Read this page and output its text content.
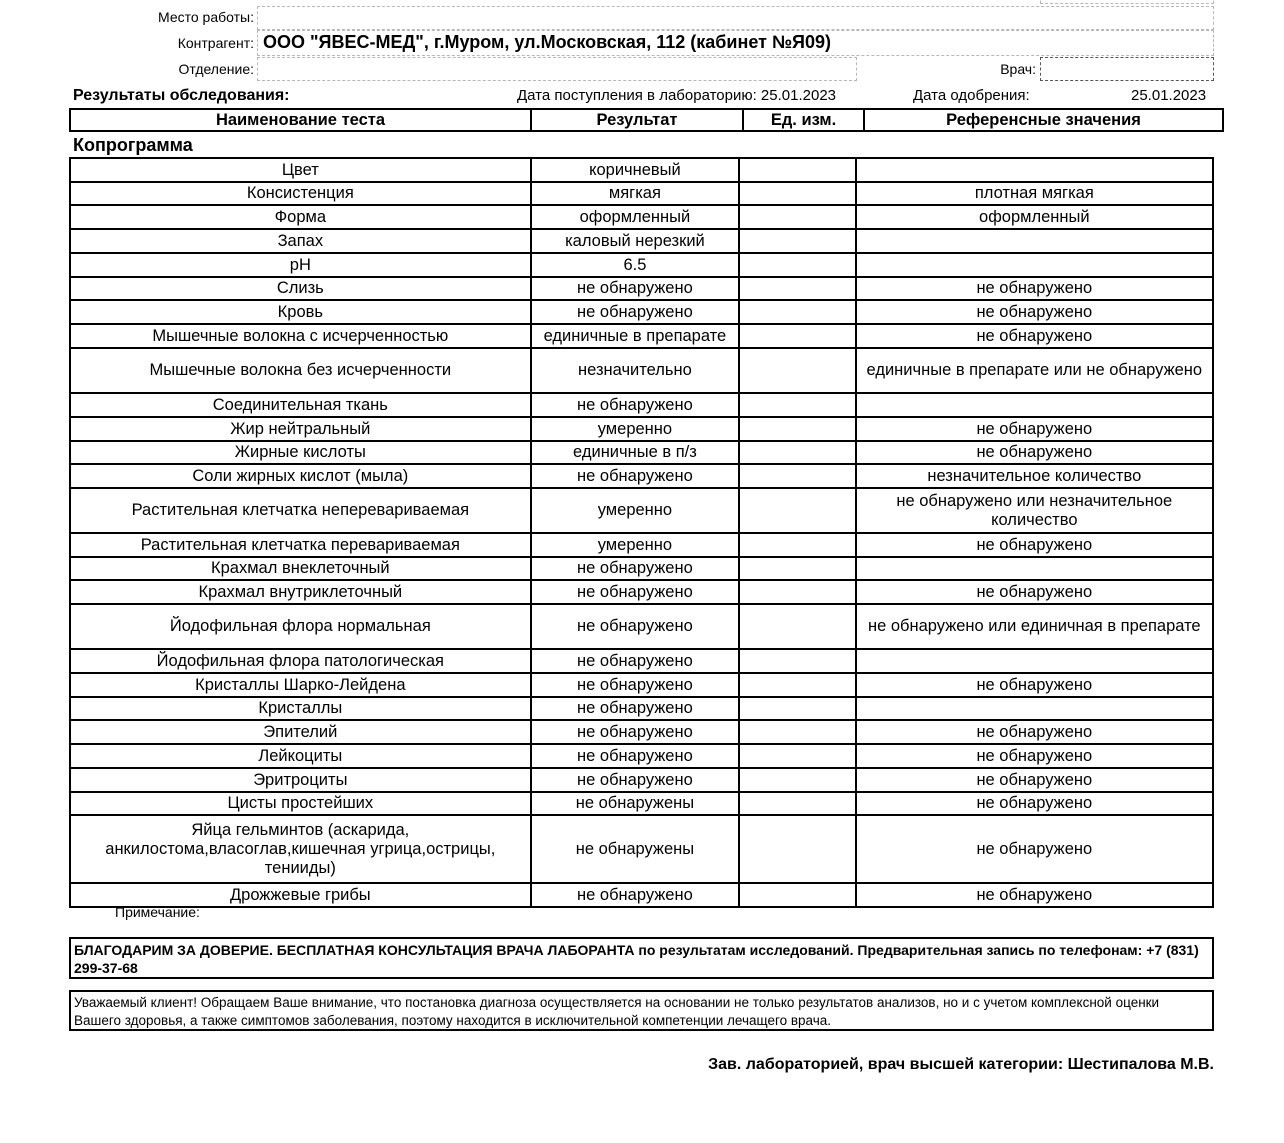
Место работы:
Контрагент: ООО "ЯВЕС-МЕД", г.Муром, ул.Московская, 112 (кабинет №Я09)
Отделение:	Врач:
Результаты обследования:	Дата поступления в лабораторию: 25.01.2023	Дата одобрения:	25.01.2023
Наименование теста	Результат	Ед. изм.	Референсные значения
Копрограмма
Цвет	коричневый		
Консистенция	мягкая		плотная мягкая
Форма	оформленный		оформленный
Запах	каловый нерезкий		
pH	6.5		
Слизь	не обнаружено		не обнаружено
Кровь	не обнаружено		не обнаружено
Мышечные волокна с исчерченностью	единичные в препарате		не обнаружено
Мышечные волокна без исчерченности	незначительно		единичные в препарате или не обнаружено
Соединительная ткань	не обнаружено		
Жир нейтральный	умеренно		не обнаружено
Жирные кислоты	единичные в п/з		не обнаружено
Соли жирных кислот (мыла)	не обнаружено		незначительное количество
Растительная клетчатка неперевариваемая	умеренно		не обнаружено или незначительное количество
Растительная клетчатка перевариваемая	умеренно		не обнаружено
Крахмал внеклеточный	не обнаружено		
Крахмал внутриклеточный	не обнаружено		не обнаружено
Йодофильная флора нормальная	не обнаружено		не обнаружено или единичная в препарате
Йодофильная флора патологическая	не обнаружено		
Кристаллы Шарко-Лейдена	не обнаружено		не обнаружено
Кристаллы	не обнаружено		
Эпителий	не обнаружено		не обнаружено
Лейкоциты	не обнаружено		не обнаружено
Эритроциты	не обнаружено		не обнаружено
Цисты простейших	не обнаружены		не обнаружено
Яйца гельминтов (аскарида, анкилостома,власоглав,кишечная угрица,острицы, тенииды)	не обнаружены		не обнаружено
Дрожжевые грибы	не обнаружено		не обнаружено
Примечание:
БЛАГОДАРИМ ЗА ДОВЕРИЕ. БЕСПЛАТНАЯ КОНСУЛЬТАЦИЯ ВРАЧА ЛАБОРАНТА по результатам исследований. Предварительная запись по телефонам: +7 (831) 299-37-68
Уважаемый клиент! Обращаем Ваше внимание, что постановка диагноза осуществляется на основании не только результатов анализов, но и с учетом комплексной оценки Вашего здоровья, а также симптомов заболевания, поэтому находится в исключительной компетенции лечащего врача.
Зав. лабораторией, врач высшей категории: Шестипалова М.В.
